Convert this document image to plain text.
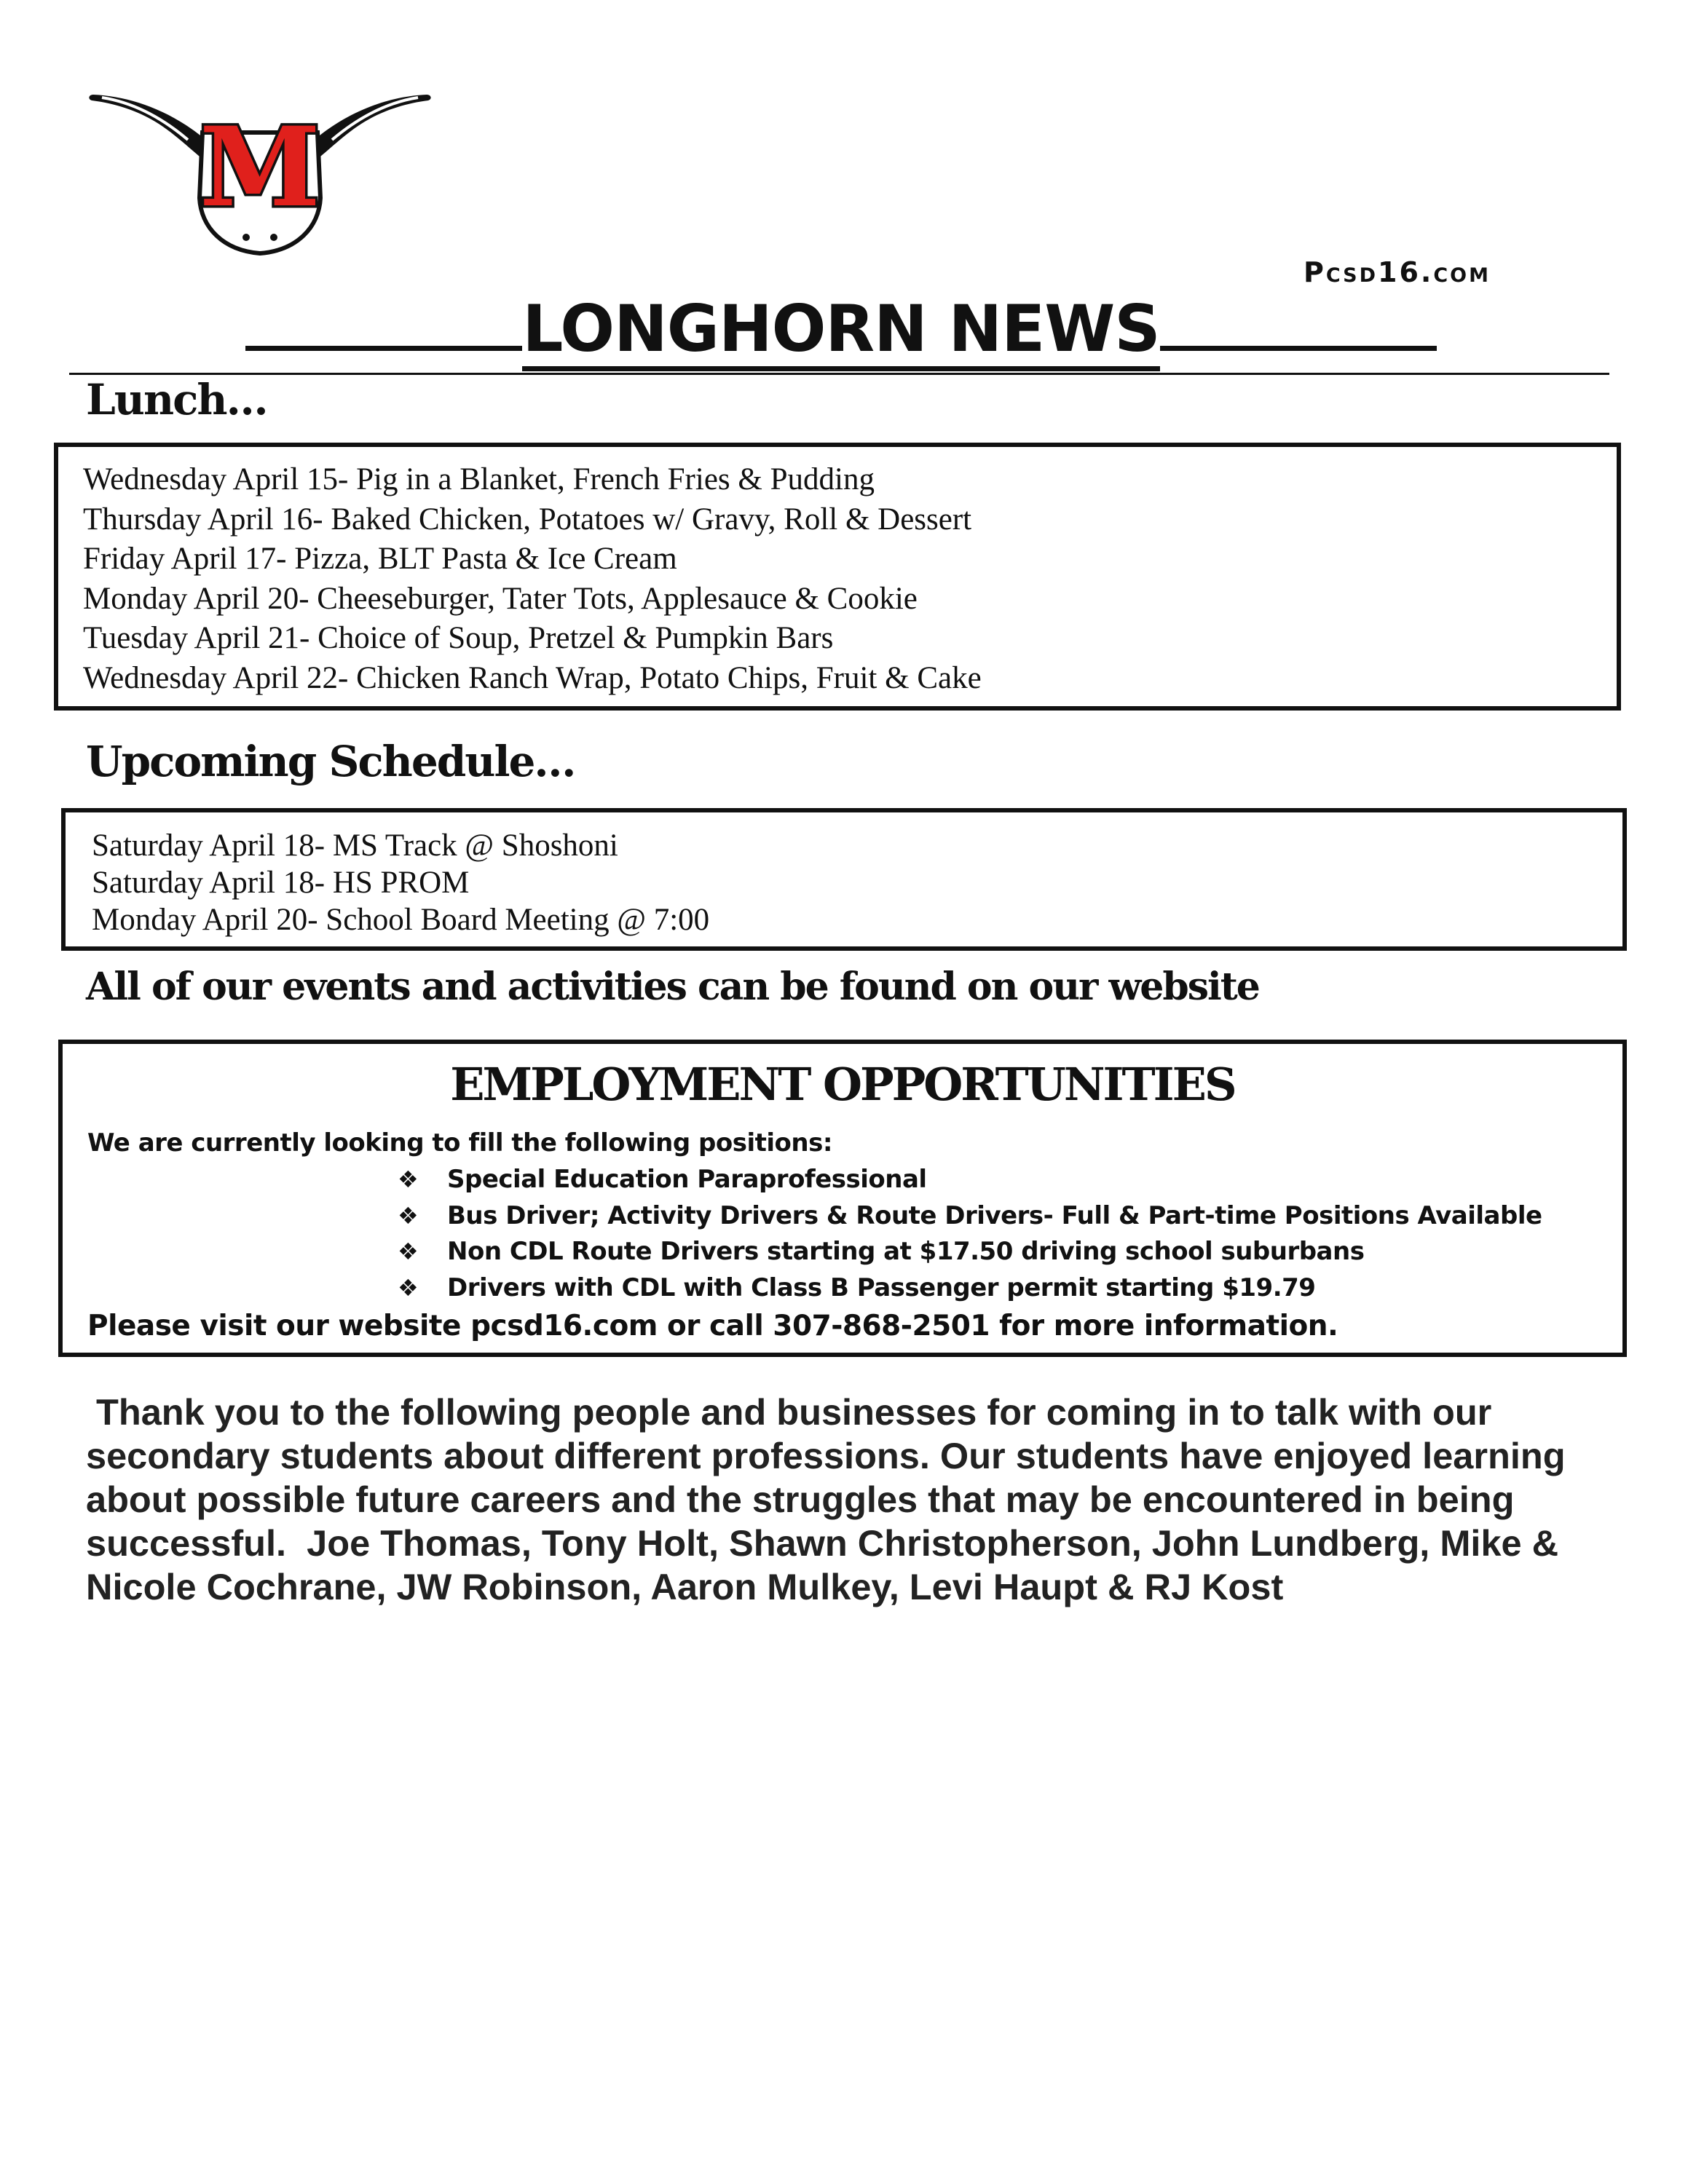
M
Pcsd16.com
LONGHORN NEWS
Lunch…
Wednesday April 15- Pig in a Blanket, French Fries & Pudding
Thursday April 16- Baked Chicken, Potatoes w/ Gravy, Roll & Dessert
Friday April 17- Pizza, BLT Pasta & Ice Cream
Monday April 20- Cheeseburger, Tater Tots, Applesauce & Cookie
Tuesday April 21- Choice of Soup, Pretzel & Pumpkin Bars
Wednesday April 22- Chicken Ranch Wrap, Potato Chips, Fruit & Cake
Upcoming Schedule…
Saturday April 18- MS Track @ Shoshoni
Saturday April 18- HS PROM
Monday April 20- School Board Meeting @ 7:00
All of our events and activities can be found on our website
EMPLOYMENT OPPORTUNITIES
We are currently looking to fill the following positions:
❖ Special Education Paraprofessional
❖ Bus Driver; Activity Drivers & Route Drivers- Full & Part-time Positions Available
❖ Non CDL Route Drivers starting at $17.50 driving school suburbans
❖ Drivers with CDL with Class B Passenger permit starting $19.79
Please visit our website pcsd16.com or call 307-868-2501 for more information.
Thank you to the following people and businesses for coming in to talk with our secondary students about different professions. Our students have enjoyed learning about possible future careers and the struggles that may be encountered in being successful.  Joe Thomas, Tony Holt, Shawn Christopherson, John Lundberg, Mike & Nicole Cochrane, JW Robinson, Aaron Mulkey, Levi Haupt & RJ Kost
